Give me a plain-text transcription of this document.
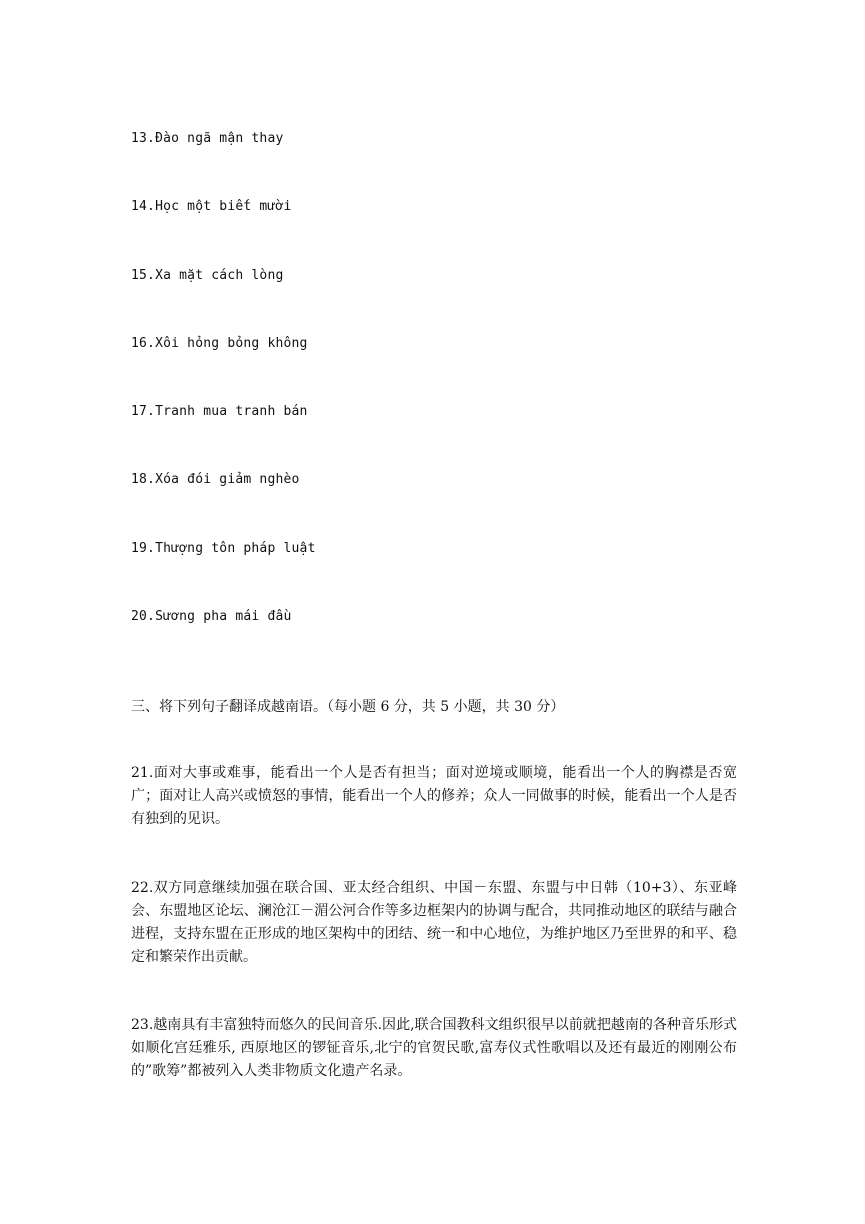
13.Đào ngã mận thay
14.Học một biết mười
15.Xa mặt cách lòng
16.Xôi hỏng bỏng không
17.Tranh mua tranh bán
18.Xóa đói giảm nghèo
19.Thượng tôn pháp luật
20.Sương pha mái đầu
三、将下列句子翻译成越南语。（每小题 6 分，共 5 小题，共 30 分）
21.面对大事或难事，能看出一个人是否有担当；面对逆境或顺境，能看出一个人的胸襟是否宽广；面对让人高兴或愤怒的事情，能看出一个人的修养；众人一同做事的时候，能看出一个人是否有独到的见识。
22.双方同意继续加强在联合国、亚太经合组织、中国－东盟、东盟与中日韩（10+3）、东亚峰会、东盟地区论坛、澜沧江－湄公河合作等多边框架内的协调与配合，共同推动地区的联结与融合进程，支持东盟在正形成的地区架构中的团结、统一和中心地位，为维护地区乃至世界的和平、稳定和繁荣作出贡献。
23.越南具有丰富独特而悠久的民间音乐.因此,联合国教科文组织很早以前就把越南的各种音乐形式如顺化宫廷雅乐, 西原地区的锣钲音乐,北宁的官贺民歌,富寿仪式性歌唱以及还有最近的刚刚公布的”歌筹”都被列入人类非物质文化遗产名录。
